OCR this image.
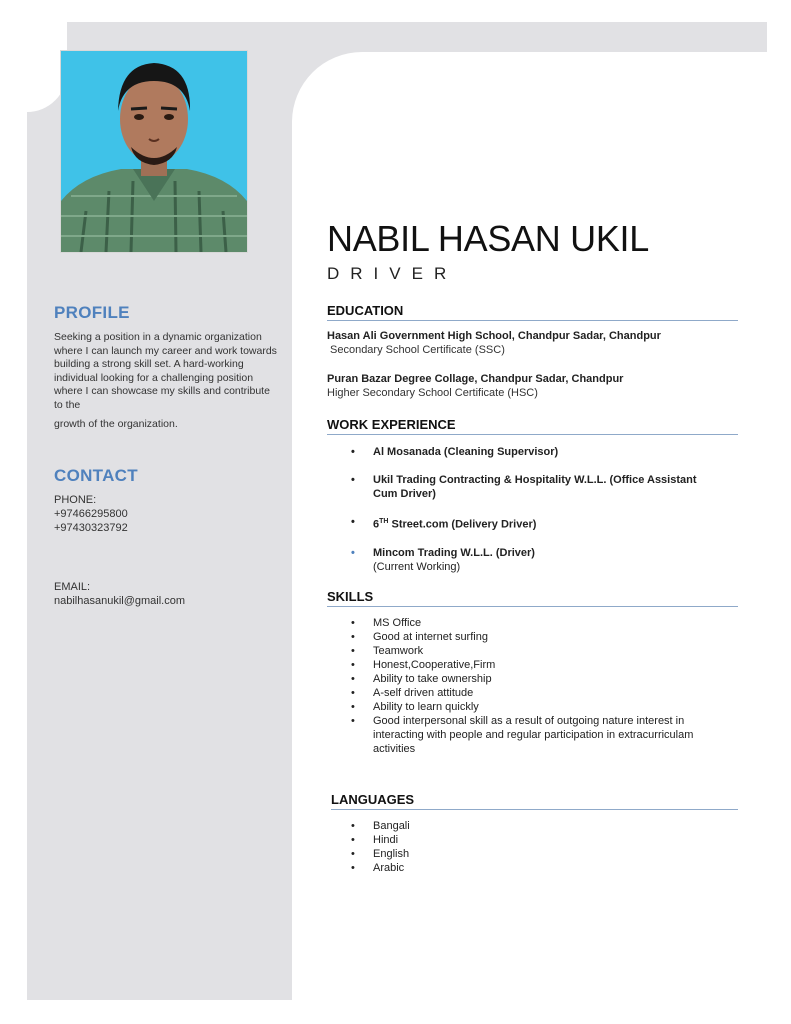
PROFILE
Seeking a position in a dynamic organization where I can launch my career and work towards building a strong skill set. A hard-working individual looking for a challenging position where I can showcase my skills and contribute to the
growth of the organization.
CONTACT
PHONE:
+97466295800
+97430323792
EMAIL:
nabilhasanukil@gmail.com
NABIL HASAN UKIL
DRIVER
EDUCATION
Hasan Ali Government High School, Chandpur Sadar, Chandpur
Secondary School Certificate (SSC)
Puran Bazar Degree Collage, Chandpur Sadar, Chandpur
Higher Secondary School Certificate (HSC)
WORK EXPERIENCE
• Al Mosanada (Cleaning Supervisor)
• Ukil Trading Contracting & Hospitality W.L.L. (Office Assistant Cum Driver)
• 6TH Street.com (Delivery Driver)
• Mincom Trading W.L.L. (Driver)
(Current Working)
SKILLS
• MS Office
• Good at internet surfing
• Teamwork
• Honest,Cooperative,Firm
• Ability to take ownership
• A-self driven attitude
• Ability to learn quickly
• Good interpersonal skill as a result of outgoing nature interest in interacting with people and regular participation in extracurriculam activities
LANGUAGES
• Bangali
• Hindi
• English
• Arabic
